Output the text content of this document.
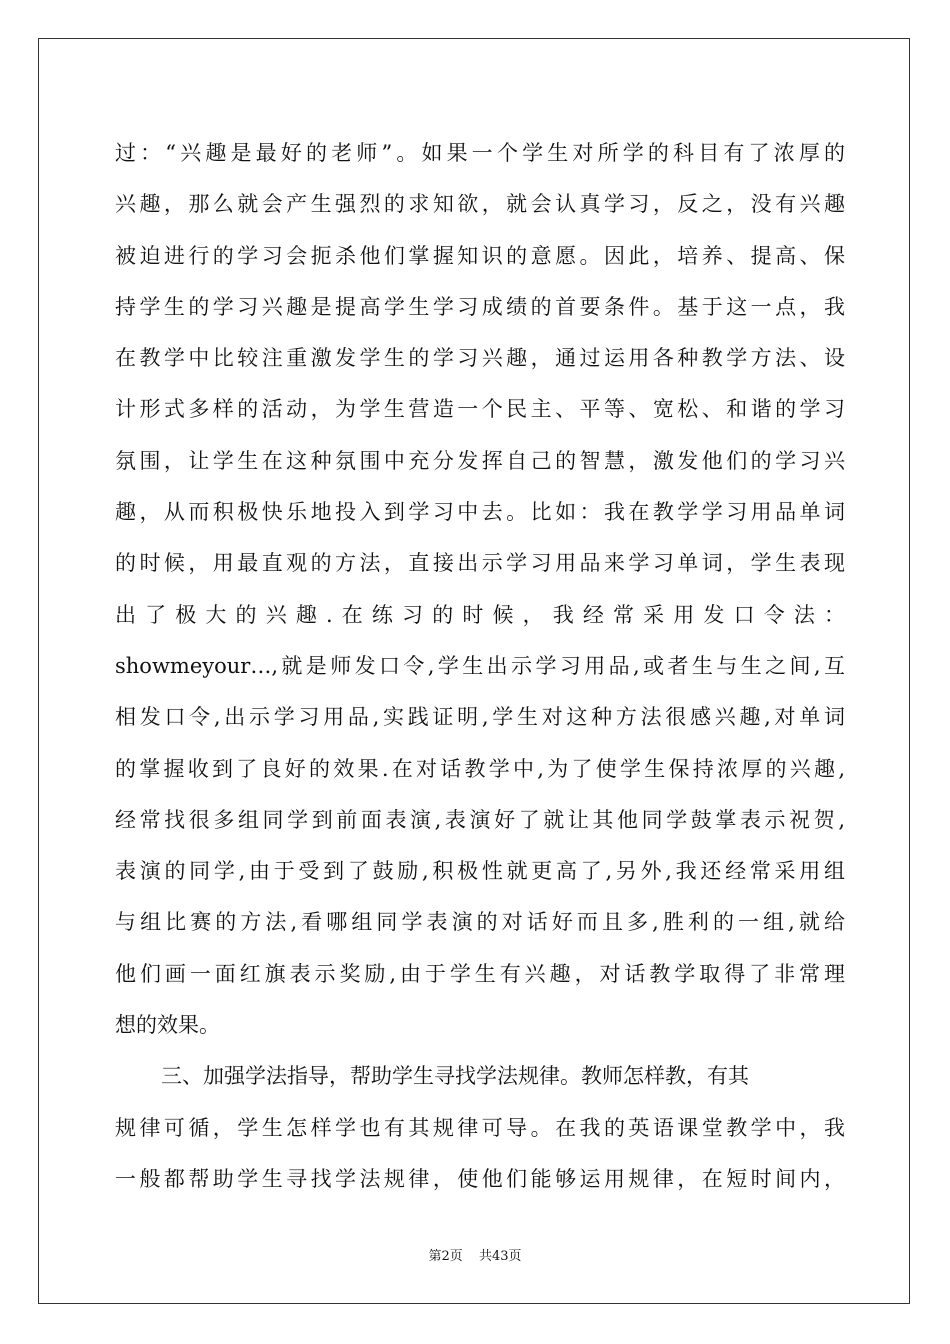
过：“兴趣是最好的老师”。如果一个学生对所学的科目有了浓厚的
兴趣，那么就会产生强烈的求知欲，就会认真学习，反之，没有兴趣
被迫进行的学习会扼杀他们掌握知识的意愿。因此，培养、提高、保
持学生的学习兴趣是提高学生学习成绩的首要条件。基于这一点，我
在教学中比较注重激发学生的学习兴趣，通过运用各种教学方法、设
计形式多样的活动，为学生营造一个民主、平等、宽松、和谐的学习
氛围，让学生在这种氛围中充分发挥自己的智慧，激发他们的学习兴
趣，从而积极快乐地投入到学习中去。比如：我在教学学习用品单词
的时候，用最直观的方法，直接出示学习用品来学习单词，学生表现
出了极大的兴趣.在练习的时候，我经常采用发口令法：
showmeyour…,就是师发口令,学生出示学习用品,或者生与生之间,互
相发口令,出示学习用品,实践证明,学生对这种方法很感兴趣,对单词
的掌握收到了良好的效果.在对话教学中,为了使学生保持浓厚的兴趣,
经常找很多组同学到前面表演,表演好了就让其他同学鼓掌表示祝贺,
表演的同学,由于受到了鼓励,积极性就更高了,另外,我还经常采用组
与组比赛的方法,看哪组同学表演的对话好而且多,胜利的一组,就给
他们画一面红旗表示奖励,由于学生有兴趣，对话教学取得了非常理
想的效果。
三、加强学法指导，帮助学生寻找学法规律。教师怎样教，有其
规律可循，学生怎样学也有其规律可导。在我的英语课堂教学中，我
一般都帮助学生寻找学法规律，使他们能够运用规律，在短时间内，
第2页 共43页
